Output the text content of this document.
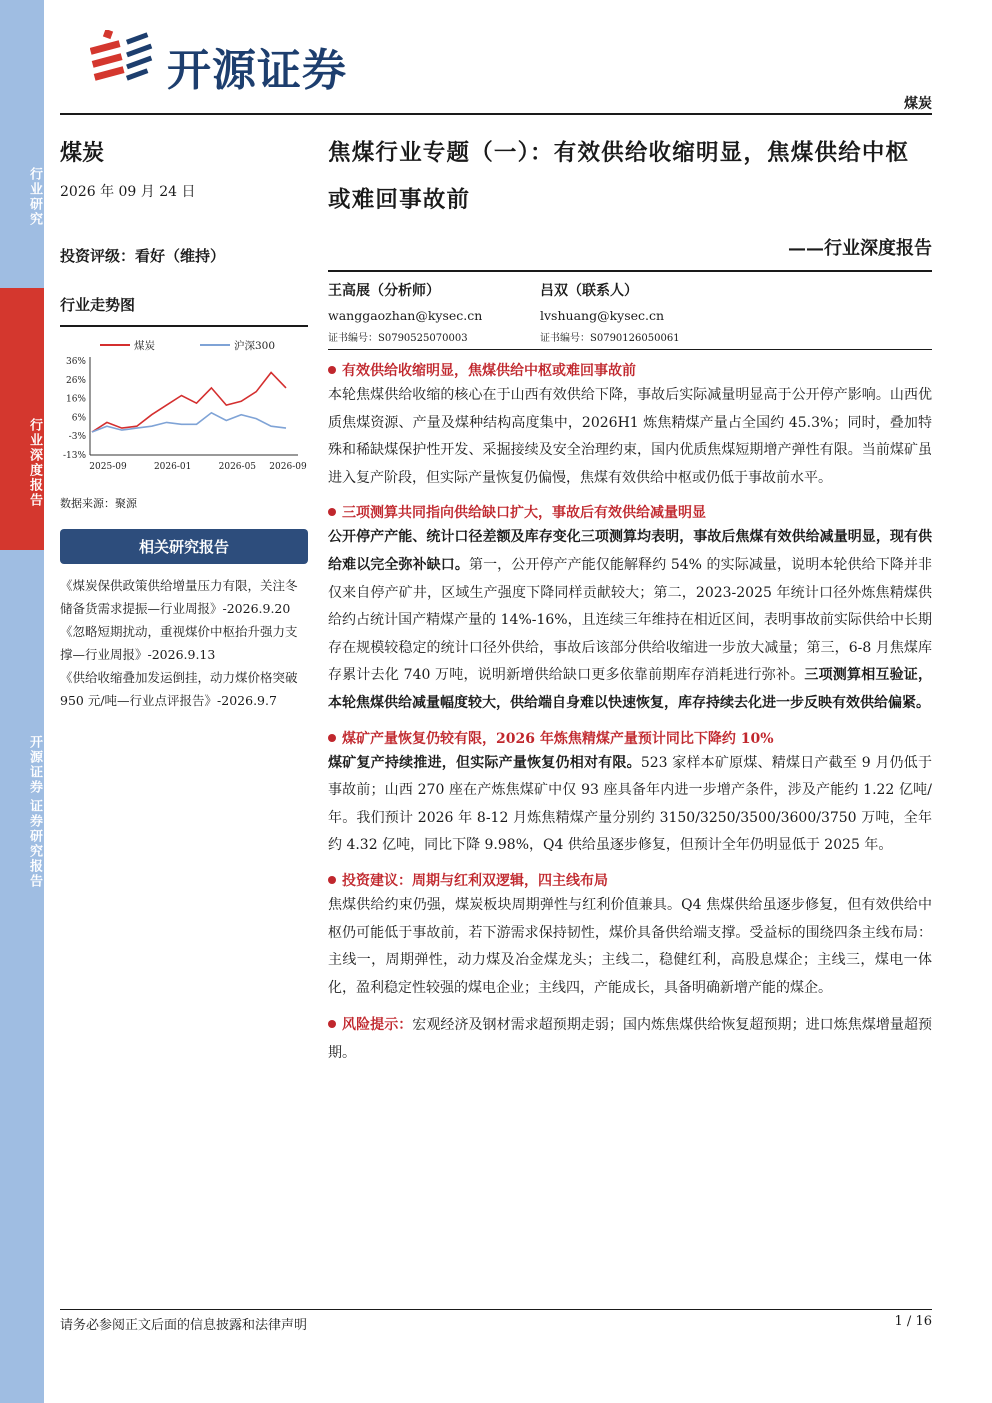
行业研究
行业深度报告
开源证券
证券研究报告
开源证券
煤炭
煤炭
2026 年 09 月 24 日
投资评级：看好（维持）
行业走势图
36%
26%
16%
6%
-3%
-13%
2025-09	2026-01	2026-05 2026-09
煤炭	沪深300
数据来源：聚源
相关研究报告
《煤炭保供政策供给增量压力有限，关注冬储备货需求提振—行业周报》-2026.9.20
《忽略短期扰动，重视煤价中枢抬升强力支撑—行业周报》-2026.9.13
《供给收缩叠加发运倒挂，动力煤价格突破 950 元/吨—行业点评报告》-2026.9.7
焦煤行业专题（一）：有效供给收缩明显，焦煤供给中枢或难回事故前
——行业深度报告
王高展（分析师）
wanggaozhan@kysec.cn
证书编号：S0790525070003
吕双（联系人）
lvshuang@kysec.cn
证书编号：S0790126050061
有效供给收缩明显，焦煤供给中枢或难回事故前
本轮焦煤供给收缩的核心在于山西有效供给下降，事故后实际减量明显高于公开停产影响。山西优质焦煤资源、产量及煤种结构高度集中，2026H1 炼焦精煤产量占全国约 45.3%；同时，叠加特殊和稀缺煤保护性开发、采掘接续及安全治理约束，国内优质焦煤短期增产弹性有限。当前煤矿虽进入复产阶段，但实际产量恢复仍偏慢，焦煤有效供给中枢或仍低于事故前水平。
三项测算共同指向供给缺口扩大，事故后有效供给减量明显
公开停产产能、统计口径差额及库存变化三项测算均表明，事故后焦煤有效供给减量明显，现有供给难以完全弥补缺口。第一，公开停产产能仅能解释约 54% 的实际减量，说明本轮供给下降并非仅来自停产矿井，区域生产强度下降同样贡献较大；第二，2023-2025 年统计口径外炼焦精煤供给约占统计国产精煤产量的 14%-16%，且连续三年维持在相近区间，表明事故前实际供给中长期存在规模较稳定的统计口径外供给，事故后该部分供给收缩进一步放大减量；第三，6-8 月焦煤库存累计去化 740 万吨，说明新增供给缺口更多依靠前期库存消耗进行弥补。三项测算相互验证，本轮焦煤供给减量幅度较大，供给端自身难以快速恢复，库存持续去化进一步反映有效供给偏紧。
煤矿产量恢复仍较有限，2026 年炼焦精煤产量预计同比下降约 10%
煤矿复产持续推进，但实际产量恢复仍相对有限。523 家样本矿原煤、精煤日产截至 9 月仍低于事故前；山西 270 座在产炼焦煤矿中仅 93 座具备年内进一步增产条件，涉及产能约 1.22 亿吨/年。我们预计 2026 年 8-12 月炼焦精煤产量分别约 3150/3250/3500/3600/3750 万吨，全年约 4.32 亿吨，同比下降 9.98%，Q4 供给虽逐步修复，但预计全年仍明显低于 2025 年。
投资建议：周期与红利双逻辑，四主线布局
焦煤供给约束仍强，煤炭板块周期弹性与红利价值兼具。Q4 焦煤供给虽逐步修复，但有效供给中枢仍可能低于事故前，若下游需求保持韧性，煤价具备供给端支撑。受益标的围绕四条主线布局：主线一，周期弹性，动力煤及冶金煤龙头；主线二，稳健红利，高股息煤企；主线三，煤电一体化，盈利稳定性较强的煤电企业；主线四，产能成长，具备明确新增产能的煤企。
风险提示：宏观经济及钢材需求超预期走弱；国内炼焦煤供给恢复超预期；进口炼焦煤增量超预期。
请务必参阅正文后面的信息披露和法律声明	1 / 16
